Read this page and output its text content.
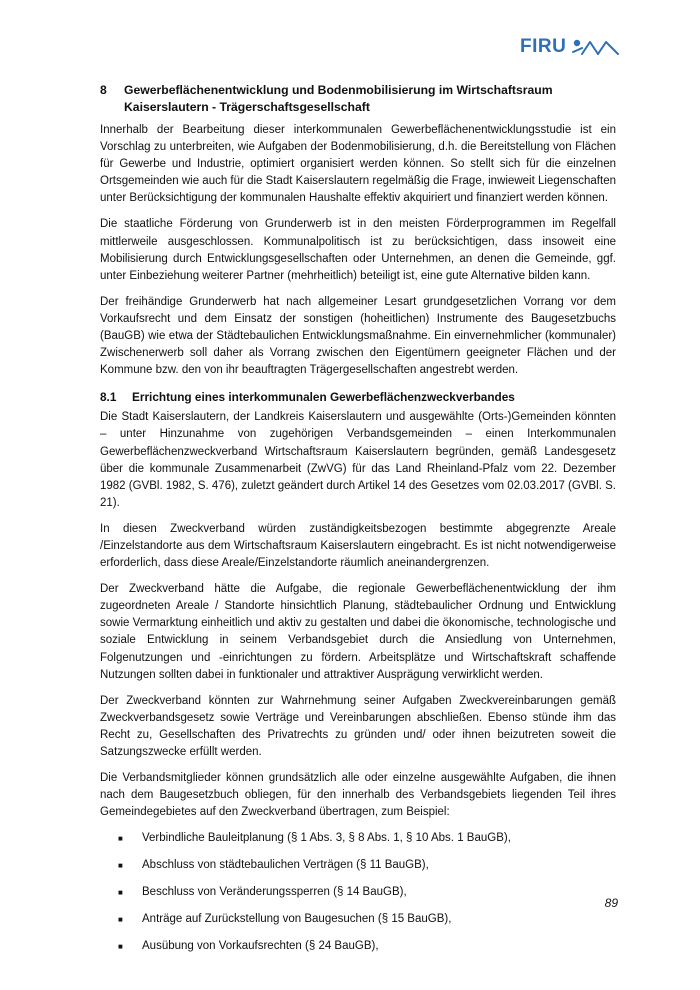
FIRU
8	Gewerbeflächenentwicklung und Bodenmobilisierung im Wirtschaftsraum Kaiserslautern - Trägerschaftsgesellschaft

Innerhalb der Bearbeitung dieser interkommunalen Gewerbeflächenentwicklungsstudie ist ein Vorschlag zu unterbreiten, wie Aufgaben der Bodenmobilisierung, d.h. die Bereitstellung von Flächen für Gewerbe und Industrie, optimiert organisiert werden können. So stellt sich für die einzelnen Ortsgemeinden wie auch für die Stadt Kaiserslautern regelmäßig die Frage, inwieweit Liegenschaften unter Berücksichtigung der kommunalen Haushalte effektiv akquiriert und finanziert werden können.

Die staatliche Förderung von Grunderwerb ist in den meisten Förderprogrammen im Regelfall mittlerweile ausgeschlossen. Kommunalpolitisch ist zu berücksichtigen, dass insoweit eine Mobilisierung durch Entwicklungsgesellschaften oder Unternehmen, an denen die Gemeinde, ggf. unter Einbeziehung weiterer Partner (mehrheitlich) beteiligt ist, eine gute Alternative bilden kann.

Der freihändige Grunderwerb hat nach allgemeiner Lesart grundgesetzlichen Vorrang vor dem Vorkaufsrecht und dem Einsatz der sonstigen (hoheitlichen) Instrumente des Baugesetzbuchs (BauGB) wie etwa der Städtebaulichen Entwicklungsmaßnahme. Ein einvernehmlicher (kommunaler) Zwischenerwerb soll daher als Vorrang zwischen den Eigentümern geeigneter Flächen und der Kommune bzw. den von ihr beauftragten Trägergesellschaften angestrebt werden.

8.1	Errichtung eines interkommunalen Gewerbeflächenzweckverbandes

Die Stadt Kaiserslautern, der Landkreis Kaiserslautern und ausgewählte (Orts-)Gemeinden könnten – unter Hinzunahme von zugehörigen Verbandsgemeinden – einen Interkommunalen Gewerbeflächenzweckverband Wirtschaftsraum Kaiserslautern begründen, gemäß Landesgesetz über die kommunale Zusammenarbeit (ZwVG) für das Land Rheinland-Pfalz vom 22. Dezember 1982 (GVBl. 1982, S. 476), zuletzt geändert durch Artikel 14 des Gesetzes vom 02.03.2017 (GVBl. S. 21).

In diesen Zweckverband würden zuständigkeitsbezogen bestimmte abgegrenzte Areale /Einzelstandorte aus dem Wirtschaftsraum Kaiserslautern eingebracht. Es ist nicht notwendigerweise erforderlich, dass diese Areale/Einzelstandorte räumlich aneinandergrenzen.

Der Zweckverband hätte die Aufgabe, die regionale Gewerbeflächenentwicklung der ihm zugeordneten Areale / Standorte hinsichtlich Planung, städtebaulicher Ordnung und Entwicklung sowie Vermarktung einheitlich und aktiv zu gestalten und dabei die ökonomische, technologische und soziale Entwicklung in seinem Verbandsgebiet durch die Ansiedlung von Unternehmen, Folgenutzungen und -einrichtungen zu fördern. Arbeitsplätze und Wirtschaftskraft schaffende Nutzungen sollten dabei in funktionaler und attraktiver Ausprägung verwirklicht werden.

Der Zweckverband könnten zur Wahrnehmung seiner Aufgaben Zweckvereinbarungen gemäß Zweckverbandsgesetz sowie Verträge und Vereinbarungen abschließen. Ebenso stünde ihm das Recht zu, Gesellschaften des Privatrechts zu gründen und/ oder ihnen beizutreten soweit die Satzungszwecke erfüllt werden.

Die Verbandsmitglieder können grundsätzlich alle oder einzelne ausgewählte Aufgaben, die ihnen nach dem Baugesetzbuch obliegen, für den innerhalb des Verbandsgebiets liegenden Teil ihres Gemeindegebietes auf den Zweckverband übertragen, zum Beispiel:

■	Verbindliche Bauleitplanung (§ 1 Abs. 3, § 8 Abs. 1, § 10 Abs. 1 BauGB),
■	Abschluss von städtebaulichen Verträgen (§ 11 BauGB),
■	Beschluss von Veränderungssperren (§ 14 BauGB),
■	Anträge auf Zurückstellung von Baugesuchen (§ 15 BauGB),
■	Ausübung von Vorkaufsrechten (§ 24 BauGB),
89
